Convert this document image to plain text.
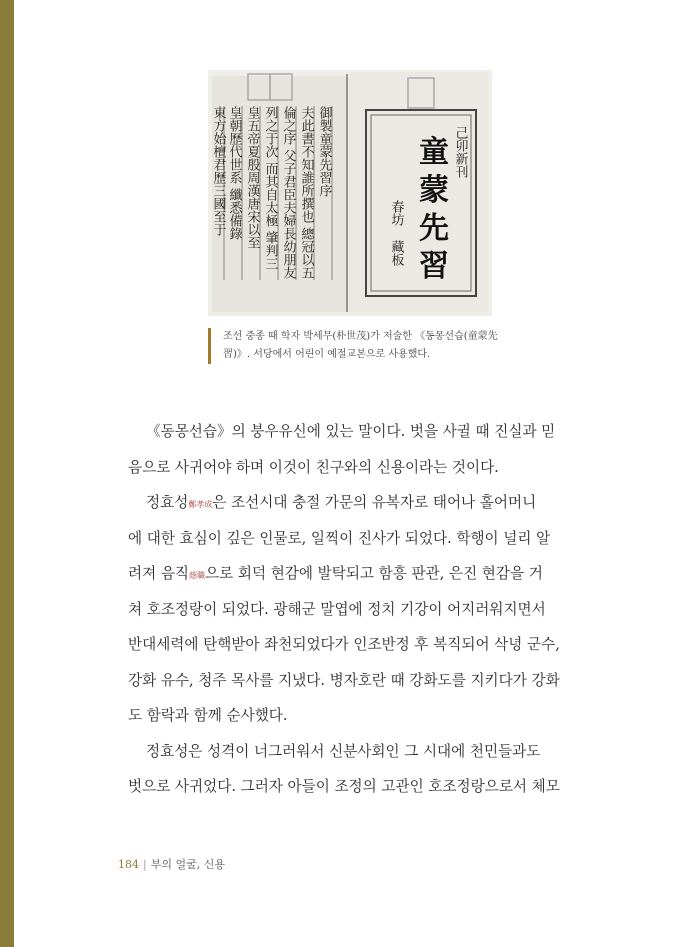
御製童蒙先習序
夫此書不知誰所撰也 總冠以五
倫之序 父子君臣夫婦長幼朋友
列之于次 而其自太極 肇判三
皇五帝夏殷周漢唐宋以至
皇朝歷代世系 纖悉備錄
東方始檀君歷三國至于	己卯新刊
春坊
藏板
童
蒙
先
習
조선 중종 때 학자 박세무(朴世茂)가 저술한 《동몽선습(童蒙先
習)》. 서당에서 어린이 예절교본으로 사용했다.
《동몽선습》의 붕우유신에 있는 말이다. 벗을 사귈 때 진실과 믿
음으로 사귀어야 하며 이것이 친구와의 신용이라는 것이다.
정효성鄭孝成은 조선시대 충절 가문의 유복자로 태어나 홀어머니
에 대한 효심이 깊은 인물로, 일찍이 진사가 되었다. 학행이 널리 알
려져 음직蔭職으로 회덕 현감에 발탁되고 함흥 판관, 은진 현감을 거
쳐 호조정랑이 되었다. 광해군 말엽에 정치 기강이 어지러워지면서
반대세력에 탄핵받아 좌천되었다가 인조반정 후 복직되어 삭녕 군수,
강화 유수, 청주 목사를 지냈다. 병자호란 때 강화도를 지키다가 강화
도 함락과 함께 순사했다.
정효성은 성격이 너그러워서 신분사회인 그 시대에 천민들과도
벗으로 사귀었다. 그러자 아들이 조정의 고관인 호조정랑으로서 체모
184 | 부의 얼굴, 신용
